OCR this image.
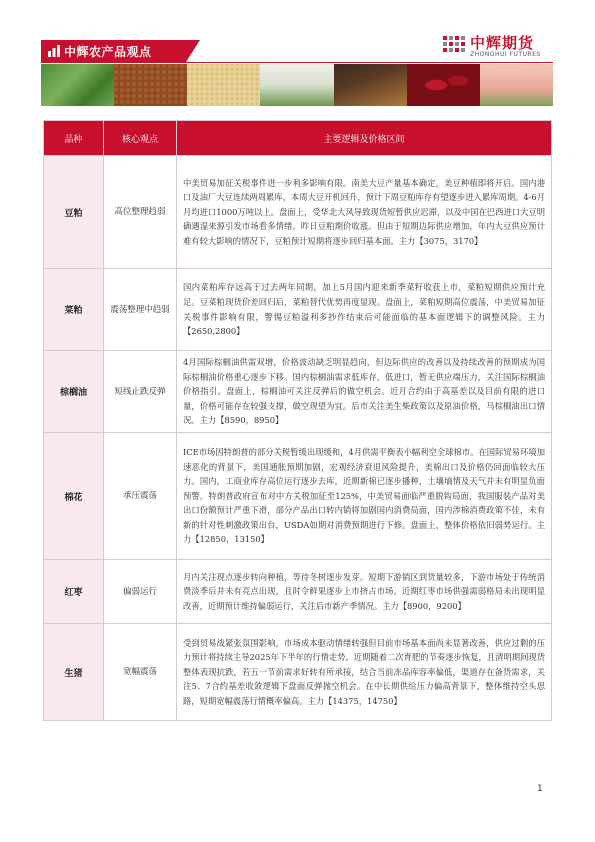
中辉农产品观点	中辉期货
ZHONGHUI FUTURES
品种	核心观点	主要逻辑及价格区间
豆粕	高位整理趋弱	中美贸易加征关税事件进一步利多影响有限。南美大豆产量基本确定，美豆种植即将开启。国内港口及油厂大豆连续两周累库，本周大豆开机回升，预计下周豆粕库存有望逐步进入累库周期。4-6月月均进口1000万吨以上。盘面上，受华北大风导致现货短暂供应迟滞，以及中国在巴西进口大豆明确遇湿来源引发市场看多情绪。昨日豆粕期价收涨。但由于短期边际供应增加，年内大豆供应预计难有较大影响的情况下，豆粕预计短期将逐步回归基本面。主力【3075，3170】
菜粕	震荡整理中趋弱	国内菜粕库存远高于过去两年同期，加上5月国内迎来新季菜籽收获上市，菜粕短期供应预计充足。豆菜粕现货价差回归后，菜粕替代优势再度显现。盘面上，菜粕短期高位震荡，中美贸易加征关税事件影响有限，警惕豆粕溢利多抄作结束后可能面临的基本面逻辑下的调整风险。主力【2650,2800】
棕榈油	短线止跌反弹	4月国际棕榈油供需双增，价格波动缺乏明显趋向，但边际供应的改善以及持续改善的预期成为国际棕榈油价格重心逐步下移。国内棕榈油需求低库存，低进口，暂无供应端压力，关注国际棕榈油价格指引。盘面上，棕榈油可关注反弹后的做空机会。近月合约由于高基差以及目前有限的进口量，价格可能存在较强支撑，做空现望为宜。后市关注美生柴政策以及原油价格，马棕榈油出口情况。主力【8590，8950】
棉花	承压震荡	ICE市场因特朗普的部分关税暂缓出现缓和，4月供需平衡表小幅利空全球棉市。在国际贸易环境加速恶化的背景下，美国通胀预期加剧，宏观经济衰退风险提升，美棉出口及价格仍回面临较大压力。国内，工商业库存高位运行逐步去库，近期新棉已逐步播种，土壤墒情及天气并未有明显负面预警。特朗普政府宣布对中方关税加征至125%，中美贸易面临严重脱钩局面，我国服装产品对美出口份额预计严重下滑，部分产品出口转内销将加剧国内消费局面，国内涉棉消费政策不佳，未有新的针对性刺激政策出台，USDA如期对消费预期进行下修。盘面上，整体价格依旧弱势运行。主力【12850，13150】
红枣	偏弱运行	月内关注现点逐步转向种植，等待冬树逐步发芽。短期下游销区到货量较多，下游市场处于传统消费淡季后并未有亮点出现，且时令鲜果逐步上市挤占市场。近期红枣市场供强需弱格局未出现明显改善，近期预计维持偏弱运行，关注后市新产季情况。主力【8900，9200】
生猪	宽幅震荡	受到贸易战紧张氛围影响，市场成本驱动情绪转强但目前市场基本面尚未显著改善，供应过剩的压力预计将持续主导2025年下半年的行情走势。近期随着二次育肥的节奏逐步恢复，且清明期间现货整体表现抗跌，若五一节前需求好转有所承接，结合当前冻品库容率偏低，渠道存在备货需求，关注5、7合约基差收敛逻辑下盘面反弹抛空机会。在中长期供给压力偏高背景下，整体维持空头思路，短期宽幅震荡行情概率偏高。主力【14375，14750】
1
